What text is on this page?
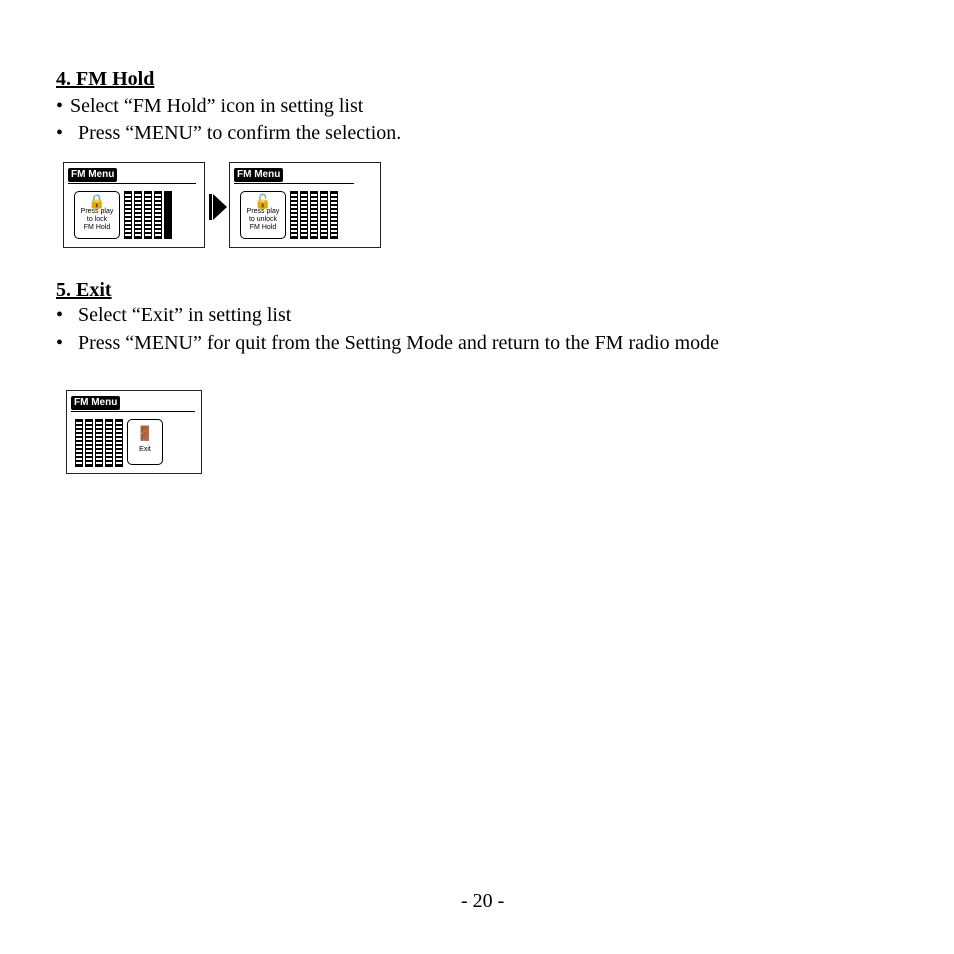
4. FM Hold
• Select “FM Hold” icon in setting list
• Press “MENU” to confirm the selection.
FM Menu
🔒
Press play
to lock
FM Hold
FM Menu
🔓
Press play
to unlock
FM Hold
5. Exit
• Select “Exit” in setting list
• Press “MENU” for quit from the Setting Mode and return to the FM radio mode
FM Menu
🚪
Exit
- 20 -
